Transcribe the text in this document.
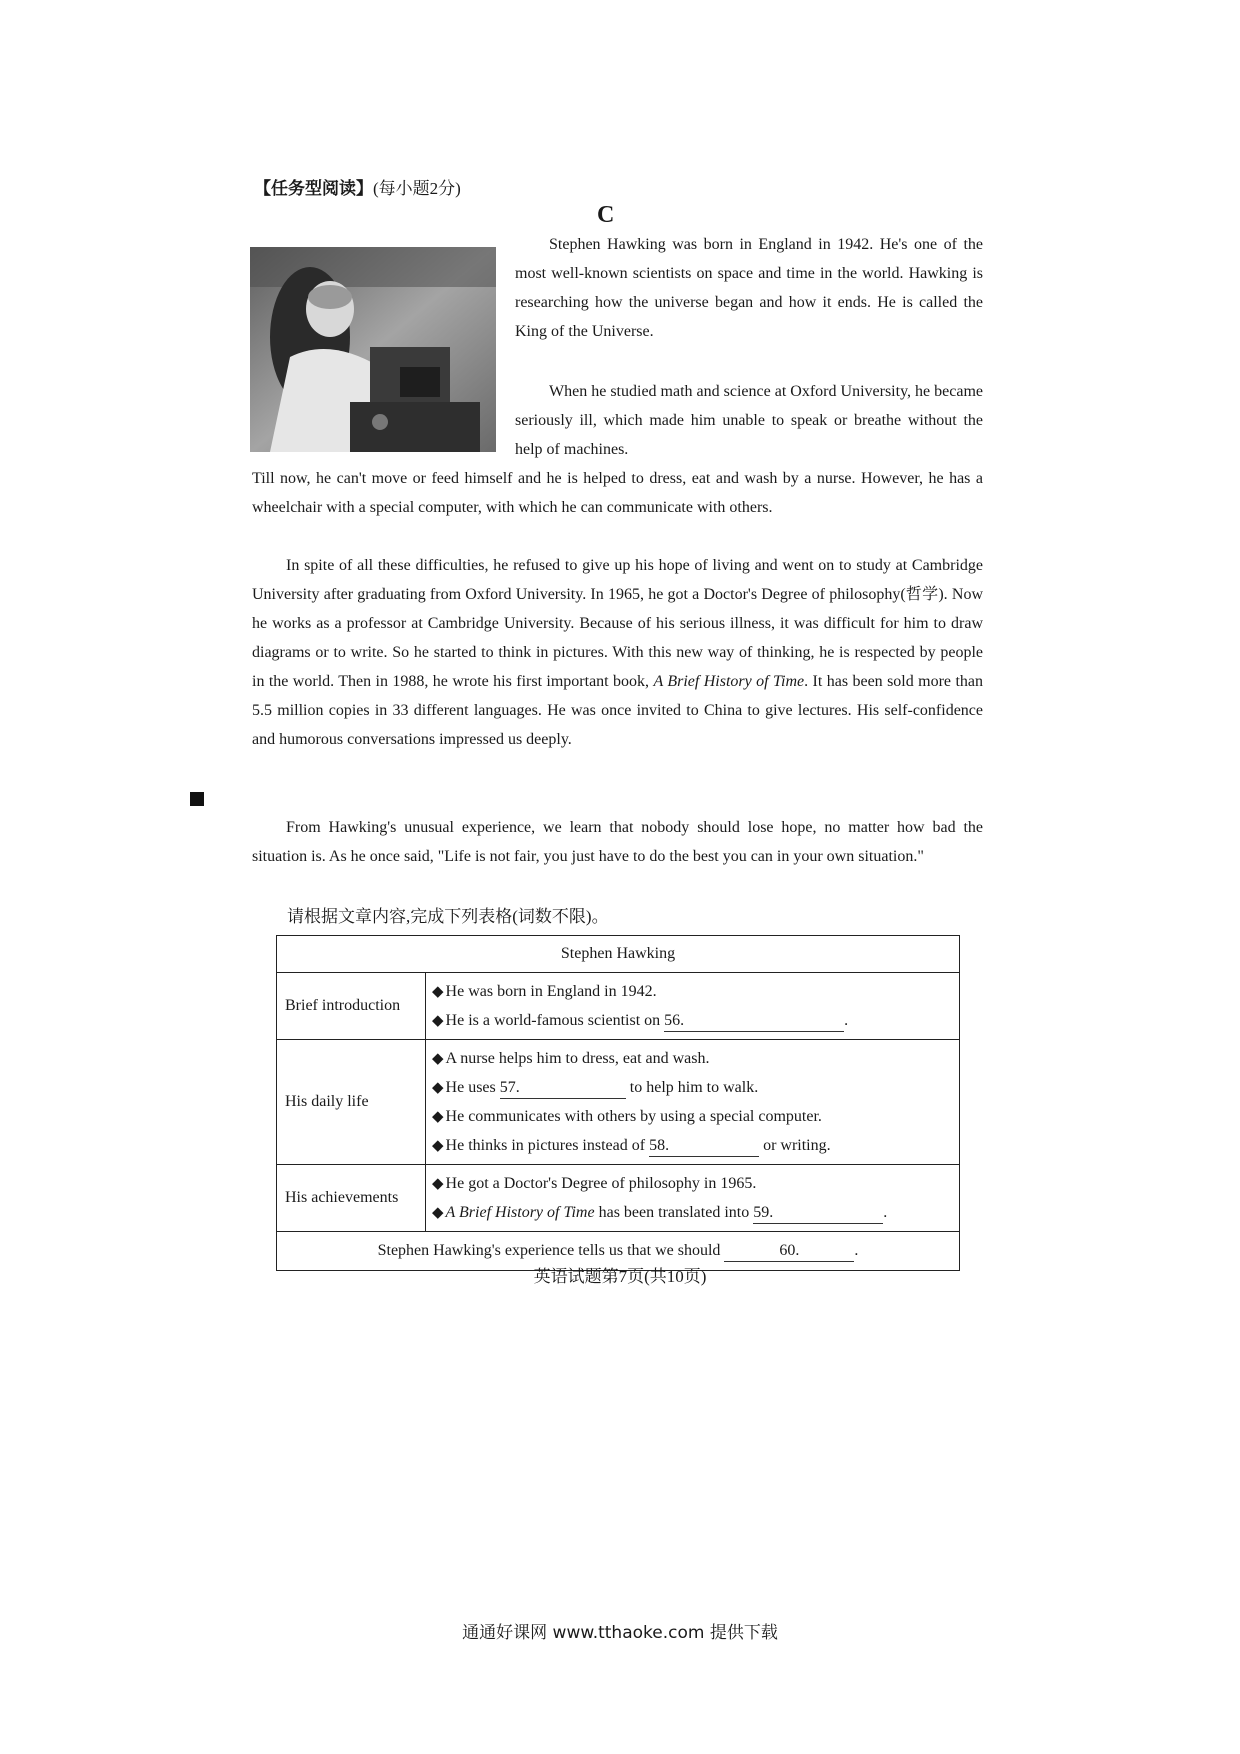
【任务型阅读】(每小题2分)
C

Stephen Hawking was born in England in 1942. He's one of the most well-known scientists on space and time in the world. Hawking is researching how the universe began and how it ends. He is called the King of the Universe.

When he studied math and science at Oxford University, he became seriously ill, which made him unable to speak or breathe without the help of machines.

Till now, he can't move or feed himself and he is helped to dress, eat and wash by a nurse. However, he has a wheelchair with a special computer, with which he can communicate with others.

In spite of all these difficulties, he refused to give up his hope of living and went on to study at Cambridge University after graduating from Oxford University. In 1965, he got a Doctor's Degree of philosophy(哲学). Now he works as a professor at Cambridge University. Because of his serious illness, it was difficult for him to draw diagrams or to write. So he started to think in pictures. With this new way of thinking, he is respected by people in the world. Then in 1988, he wrote his first important book, A Brief History of Time. It has been sold more than 5.5 million copies in 33 different languages. He was once invited to China to give lectures. His self-confidence and humorous conversations impressed us deeply.

From Hawking's unusual experience, we learn that nobody should lose hope, no matter how bad the situation is. As he once said, "Life is not fair, you just have to do the best you can in your own situation."

请根据文章内容,完成下列表格(词数不限)。
Stephen Hawking	
Brief introduction	◆ He was born in England in 1942.
◆ He is a world-famous scientist on 56. .

His daily life	◆ A nurse helps him to dress, eat and wash.
◆ He uses 57. to help him to walk.
◆ He communicates with others by using a special computer.
◆ He thinks in pictures instead of 58. or writing.

His achievements	◆ He got a Doctor's Degree of philosophy in 1965.
◆ A Brief History of Time has been translated into 59. .

Stephen Hawking's experience tells us that we should 60. .	
英语试题第7页(共10页)
通通好课网 www.tthaoke.com 提供下载
